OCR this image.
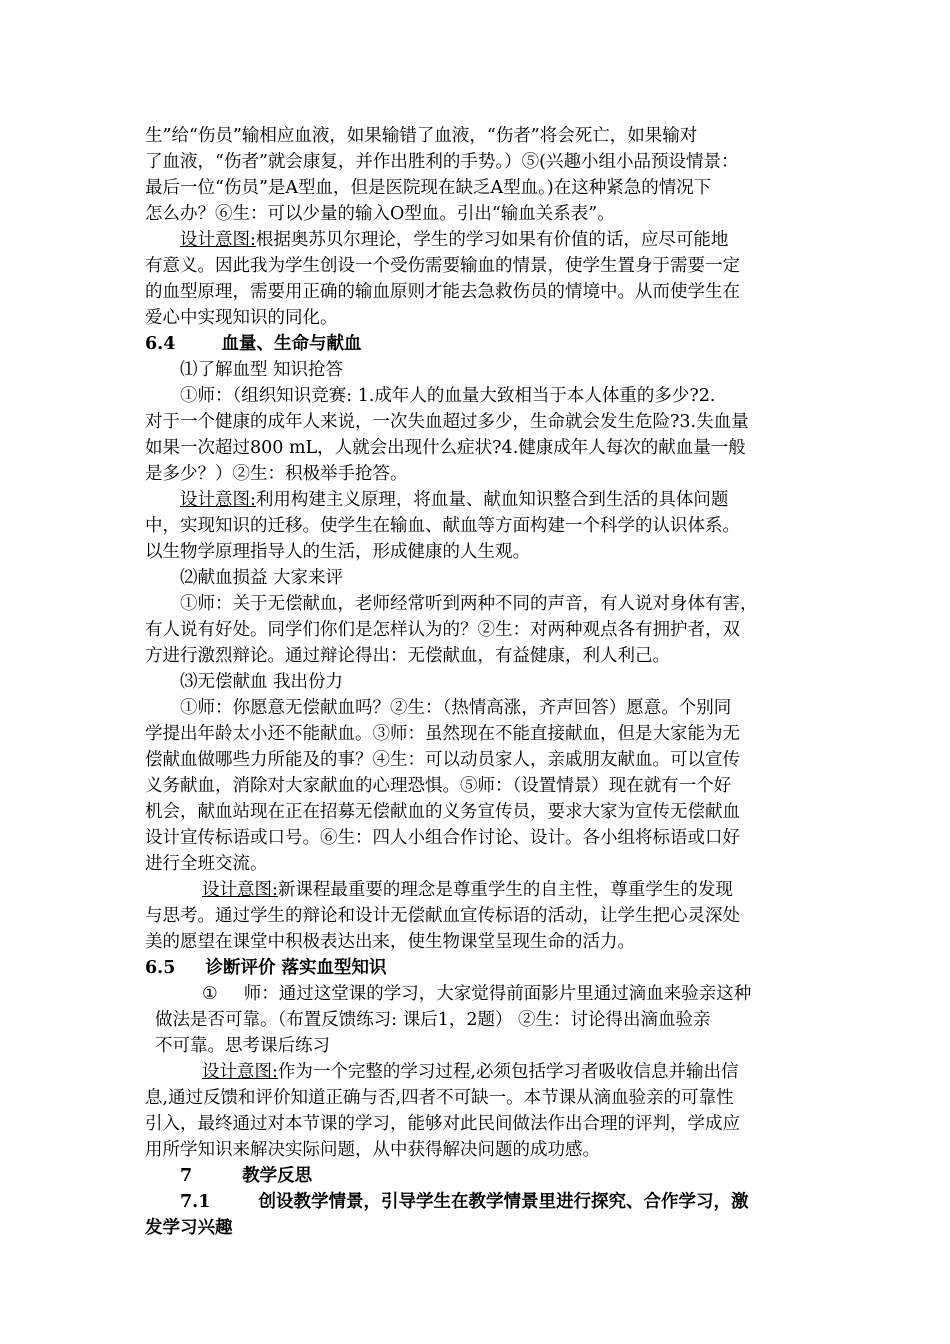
生”给“伤员”输相应血液，如果输错了血液，“伤者”将会死亡，如果输对
了血液，“伤者”就会康复，并作出胜利的手势。）⑤(兴趣小组小品预设情景：
最后一位“伤员”是A型血，但是医院现在缺乏A型血。)在这种紧急的情况下
怎么办？⑥生：可以少量的输入O型血。引出“输血关系表”。
设计意图:根据奥苏贝尔理论，学生的学习如果有价值的话，应尽可能地
有意义。因此我为学生创设一个受伤需要输血的情景，使学生置身于需要一定
的血型原理，需要用正确的输血原则才能去急救伤员的情境中。从而使学生在
爱心中实现知识的同化。
6.4	血量、生命与献血
⑴了解血型 知识抢答
①师：（组织知识竞赛: 1.成年人的血量大致相当于本人体重的多少?2.
对于一个健康的成年人来说，一次失血超过多少，生命就会发生危险?3.失血量
如果一次超过800 mL，人就会出现什么症状?4.健康成年人每次的献血量一般
是多少？）②生：积极举手抢答。
设计意图:利用构建主义原理，将血量、献血知识整合到生活的具体问题
中，实现知识的迁移。使学生在输血、献血等方面构建一个科学的认识体系。
以生物学原理指导人的生活，形成健康的人生观。
⑵献血损益 大家来评
①师：关于无偿献血，老师经常听到两种不同的声音，有人说对身体有害，
有人说有好处。同学们你们是怎样认为的？②生：对两种观点各有拥护者，双
方进行激烈辩论。通过辩论得出：无偿献血，有益健康，利人利己。
⑶无偿献血 我出份力
①师：你愿意无偿献血吗？②生：（热情高涨，齐声回答）愿意。个别同
学提出年龄太小还不能献血。③师：虽然现在不能直接献血，但是大家能为无
偿献血做哪些力所能及的事？④生：可以动员家人，亲戚朋友献血。可以宣传
义务献血，消除对大家献血的心理恐惧。⑤师：（设置情景）现在就有一个好
机会，献血站现在正在招募无偿献血的义务宣传员，要求大家为宣传无偿献血
设计宣传标语或口号。⑥生：四人小组合作讨论、设计。各小组将标语或口好
进行全班交流。
设计意图:新课程最重要的理念是尊重学生的自主性，尊重学生的发现
与思考。通过学生的辩论和设计无偿献血宣传标语的活动，让学生把心灵深处
美的愿望在课堂中积极表达出来，使生物课堂呈现生命的活力。
6.5 诊断评价 落实血型知识
① 师：通过这堂课的学习，大家觉得前面影片里通过滴血来验亲这种
做法是否可靠。（布置反馈练习: 课后1，2题） ②生：讨论得出滴血验亲
不可靠。思考课后练习
设计意图:作为一个完整的学习过程,必须包括学习者吸收信息并输出信
息,通过反馈和评价知道正确与否,四者不可缺一。本节课从滴血验亲的可靠性
引入，最终通过对本节课的学习，能够对此民间做法作出合理的评判，学成应
用所学知识来解决实际问题，从中获得解决问题的成功感。
7	教学反思
7.1	创设教学情景，引导学生在教学情景里进行探究、合作学习，激
发学习兴趣
